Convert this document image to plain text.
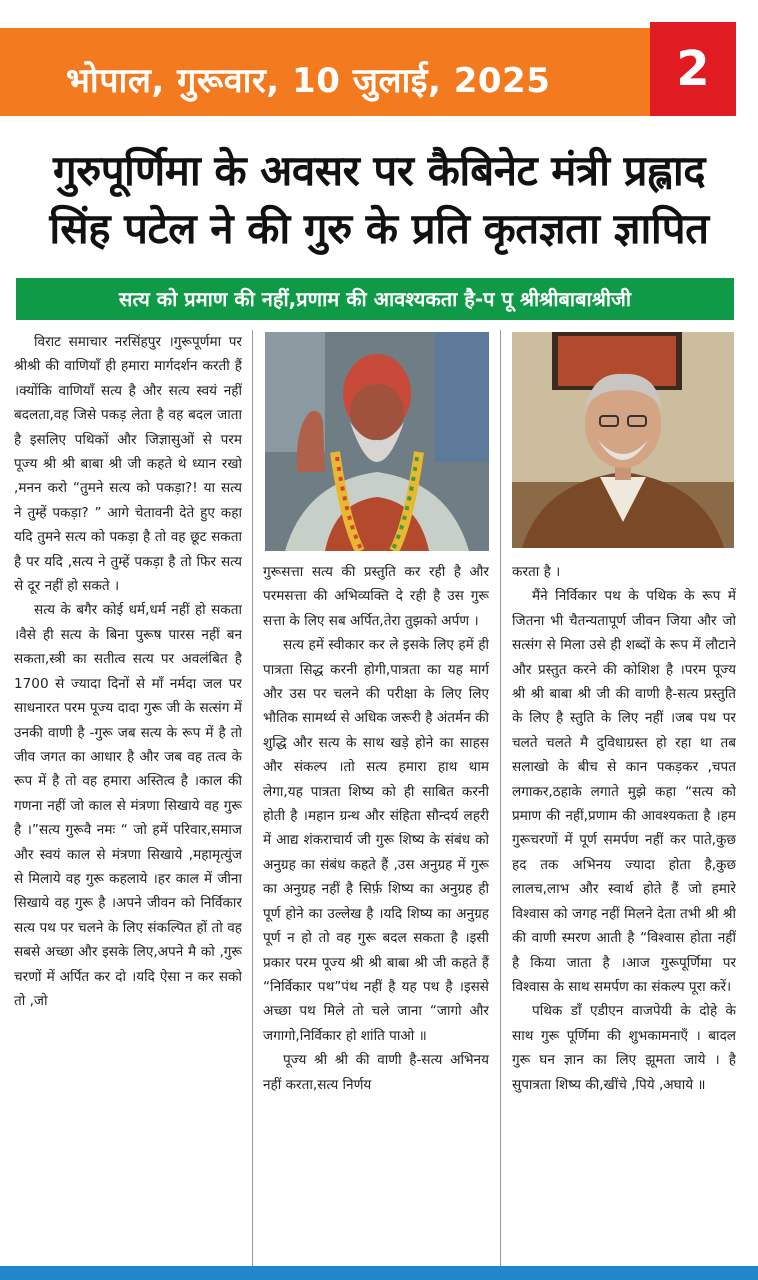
भोपाल, गुरूवार, 10 जुलाई, 2025	2
गुरुपूर्णिमा के अवसर पर कैबिनेट मंत्री प्रह्लाद
सिंह पटेल ने की गुरु के प्रति कृतज्ञता ज्ञापित
सत्य को प्रमाण की नहीं,प्रणाम की आवश्यकता है-प पू श्रीश्रीबाबाश्रीजी

विराट समाचार नरसिंहपुर ।गुरूपूर्णमा पर श्रीश्री की वाणियाँ ही हमारा मार्गदर्शन करती हैं ।क्योंकि वाणियाँ सत्य है और सत्य स्वयं नहीं बदलता,वह जिसे पकड़ लेता है वह बदल जाता है इसलिए पथिकों और जिज्ञासुओं से परम पूज्य श्री श्री बाबा श्री जी कहते थे ध्यान रखो ,मनन करो “तुमने सत्य को पकड़ा?! या सत्य ने तुम्हें पकड़ा? ” आगे चेतावनी देते हुए कहा यदि तुमने सत्य को पकड़ा है तो वह छूट सकता है पर यदि ,सत्य ने तुम्हें पकड़ा है तो फिर सत्य से दूर नहीं हो सकते ।

सत्य के बगैर कोई धर्म,धर्म नहीं हो सकता ।वैसे ही सत्य के बिना पुरूष पारस नहीं बन सकता,स्त्री का सतीत्व सत्य पर अवलंबित है 1700 से ज्यादा दिनों से माँ नर्मदा जल पर साधनारत परम पूज्य दादा गुरू जी के सत्संग में उनकी वाणी है -गुरू जब सत्य के रूप में है तो जीव जगत का आधार है और जब वह तत्व के रूप में है तो वह हमारा अस्तित्व है ।काल की गणना नहीं जो काल से मंत्रणा सिखाये वह गुरू है ।”सत्य गुरूवै नमः “ जो हमें परिवार,समाज और स्वयं काल से मंत्रणा सिखाये ,महामृत्युंज से मिलाये वह गुरू कहलाये ।हर काल में जीना सिखाये वह गुरू है ।अपने जीवन को निर्विकार सत्य पथ पर चलने के लिए संकल्पित हों तो वह सबसे अच्छा और इसके लिए,अपने मै को ,गुरू चरणों में अर्पित कर दो ।यदि ऐसा न कर सको तो ,जो

गुरूसत्ता सत्य की प्रस्तुति कर रही है और परमसत्ता की अभिव्यक्ति दे रही है उस गुरू सत्ता के लिए सब अर्पित,तेरा तुझको अर्पण ।

सत्य हमें स्वीकार कर ले इसके लिए हमें ही पात्रता सिद्ध करनी होगी,पात्रता का यह मार्ग और उस पर चलने की परीक्षा के लिए लिए भौतिक सामर्थ्य से अधिक जरूरी है अंतर्मन की शुद्धि और सत्य के साथ खड़े होने का साहस और संकल्प ।तो सत्य हमारा हाथ थाम लेगा,यह पात्रता शिष्य को ही साबित करनी होती है ।महान ग्रन्थ और संहिता सौन्दर्य लहरी में आद्य शंकराचार्य जी गुरू शिष्य के संबंध को अनुग्रह का संबंध कहते हैं ,उस अनुग्रह में गुरू का अनुग्रह नहीं है सिर्फ़ शिष्य का अनुग्रह ही पूर्ण होने का उल्लेख है ।यदि शिष्य का अनुग्रह पूर्ण न हो तो वह गुरू बदल सकता है ।इसी प्रकार परम पूज्य श्री श्री बाबा श्री जी कहते हैं “निर्विकार पथ”पंथ नहीं है यह पथ है ।इससे अच्छा पथ मिले तो चले जाना “जागो और जगागो,निर्विकार हो शांति पाओ ॥

पूज्य श्री श्री की वाणी है-सत्य अभिनय नहीं करता,सत्य निर्णय

करता है ।

मैंने निर्विकार पथ के पथिक के रूप में जितना भी चैतन्यतापूर्ण जीवन जिया और जो सत्संग से मिला उसे ही शब्दों के रूप में लौटाने और प्रस्तुत करने की कोशिश है ।परम पूज्य श्री श्री बाबा श्री जी की वाणी है-सत्य प्रस्तुति के लिए है स्तुति के लिए नहीं ।जब पथ पर चलते चलते मै दुविधाग्रस्त हो रहा था तब सलाखो के बीच से कान पकड़कर ,चपत लगाकर,ठहाके लगाते मुझे कहा “सत्य को प्रमाण की नहीं,प्रणाम की आवश्यकता है ।हम गुरूचरणों में पूर्ण समर्पण नहीं कर पाते,कुछ हद तक अभिनय ज्यादा होता है,कुछ लालच,लाभ और स्वार्थ होते हैं जो हमारे विश्वास को जगह नहीं मिलने देता तभी श्री श्री की वाणी स्मरण आती है “विश्वास होता नहीं है किया जाता है ।आज गुरूपूर्णिमा पर विश्वास के साथ समर्पण का संकल्प पूरा करें।

पथिक डॉं एडीएन वाजपेयी के दोहे के साथ गुरू पूर्णिमा की शुभकामनाएँ । बादल गुरू घन ज्ञान का लिए झूमता जाये । है सुपात्रता शिष्य की,खींचे ,पिये ,अघाये ॥
